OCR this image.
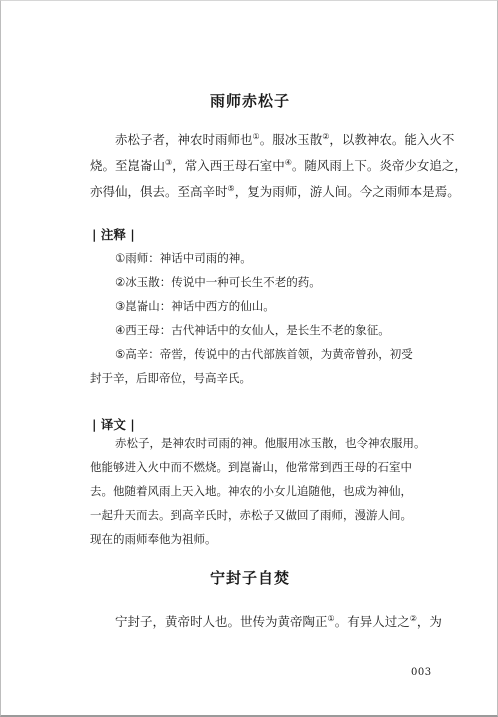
雨师赤松子

赤松子者，神农时雨师也①。服冰玉散②，以教神农。能入火不

烧。至崑崙山③，常入西王母石室中④。随风雨上下。炎帝少女追之，

亦得仙，俱去。至高辛时⑤，复为雨师，游人间。今之雨师本是焉。

| 注释 |

①雨师：神话中司雨的神。

②冰玉散：传说中一种可长生不老的药。

③崑崙山：神话中西方的仙山。

④西王母：古代神话中的女仙人，是长生不老的象征。

⑤高辛：帝喾，传说中的古代部族首领，为黄帝曾孙，初受

封于辛，后即帝位，号高辛氏。

| 译文 |

赤松子，是神农时司雨的神。他服用冰玉散，也令神农服用。

他能够进入火中而不燃烧。到崑崙山，他常常到西王母的石室中

去。他随着风雨上天入地。神农的小女儿追随他，也成为神仙，

一起升天而去。到高辛氏时，赤松子又做回了雨师，漫游人间。

现在的雨师奉他为祖师。

宁封子自焚

宁封子，黄帝时人也。世传为黄帝陶正①。有异人过之②，为

003
